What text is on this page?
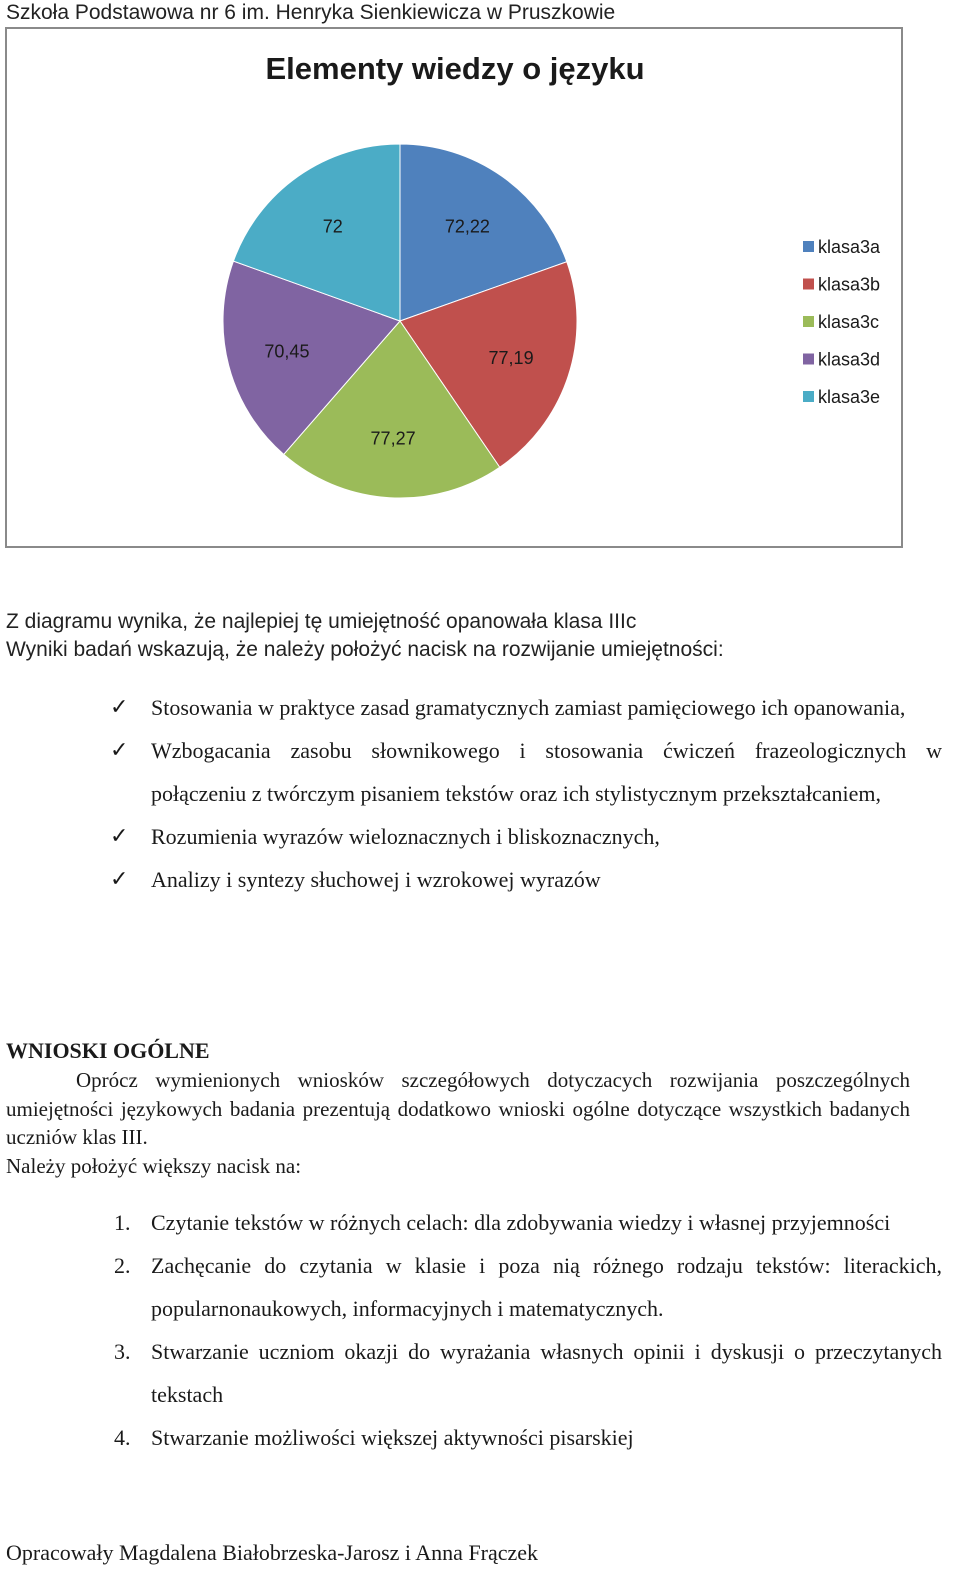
Szkoła Podstawowa nr 6 im. Henryka Sienkiewicza w Pruszkowie
Elementy wiedzy o języku
72,22
77,19
77,27
70,45
72
klasa3a
klasa3b
klasa3c
klasa3d
klasa3e
Z diagramu wynika, że najlepiej tę umiejętność opanowała klasa IIIc
Wyniki badań wskazują, że należy położyć nacisk na rozwijanie umiejętności:
✓ Stosowania w praktyce zasad gramatycznych zamiast pamięciowego ich opanowania,
✓ Wzbogacania zasobu słownikowego i stosowania ćwiczeń frazeologicznych w połączeniu z twórczym pisaniem tekstów oraz ich stylistycznym przekształcaniem,
✓ Rozumienia wyrazów wieloznacznych i bliskoznacznych,
✓ Analizy i syntezy słuchowej i wzrokowej wyrazów
WNIOSKI OGÓLNE

Oprócz wymienionych wniosków szczegółowych dotyczacych rozwijania poszczególnych umiejętności językowych badania prezentują dodatkowo wnioski ogólne dotyczące wszystkich badanych uczniów klas III.

Należy położyć większy nacisk na:

1. Czytanie tekstów w różnych celach: dla zdobywania wiedzy i własnej przyjemności
2. Zachęcanie do czytania w klasie i poza nią różnego rodzaju tekstów: literackich, popularnonaukowych, informacyjnych i matematycznych.
3. Stwarzanie uczniom okazji do wyrażania własnych opinii i dyskusji o przeczytanych tekstach
4. Stwarzanie możliwości większej aktywności pisarskiej
Opracowały Magdalena Białobrzeska-Jarosz i Anna Frączek
